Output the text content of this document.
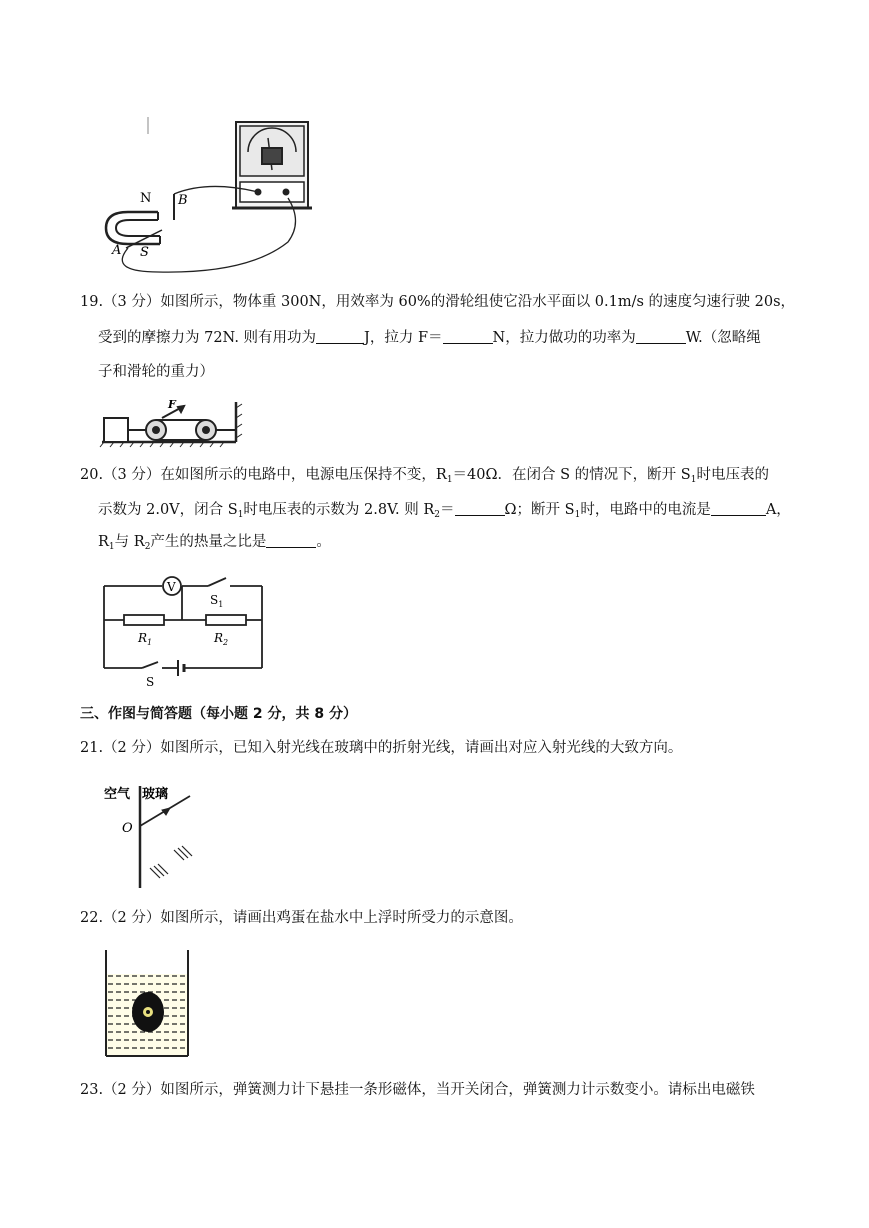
N B
A S
19.（3 分）如图所示，物体重 300N，用效率为 60%的滑轮组使它沿水平面以 0.1m/s 的速度匀速行驶 20s，
受到的摩擦力为 72N. 则有用功为	J，拉力 F＝	N，拉力做功的功率为	W.（忽略绳
子和滑轮的重力）
F
20.（3 分）在如图所示的电路中，电源电压保持不变，$R_1=40\Omega$．在闭合 S 的情况下，断开 $S_1$时电压表的
示数为 2.0V，闭合 $S_1$时电压表的示数为 2.8V. 则 $R_2=$	Ω；断开 $S_1$时，电路中的电流是	A，
$R_1$与 $R_2$产生的热量之比是	。
V
$S_1$
$R_1$	$R_2$
S
三、作图与简答题（每小题 2 分，共 8 分）
21.（2 分）如图所示，已知入射光线在玻璃中的折射光线，请画出对应入射光线的大致方向。
空气 玻璃
O
22.（2 分）如图所示，请画出鸡蛋在盐水中上浮时所受力的示意图。
23.（2 分）如图所示，弹簧测力计下悬挂一条形磁体，当开关闭合，弹簧测力计示数变小。请标出电磁铁
